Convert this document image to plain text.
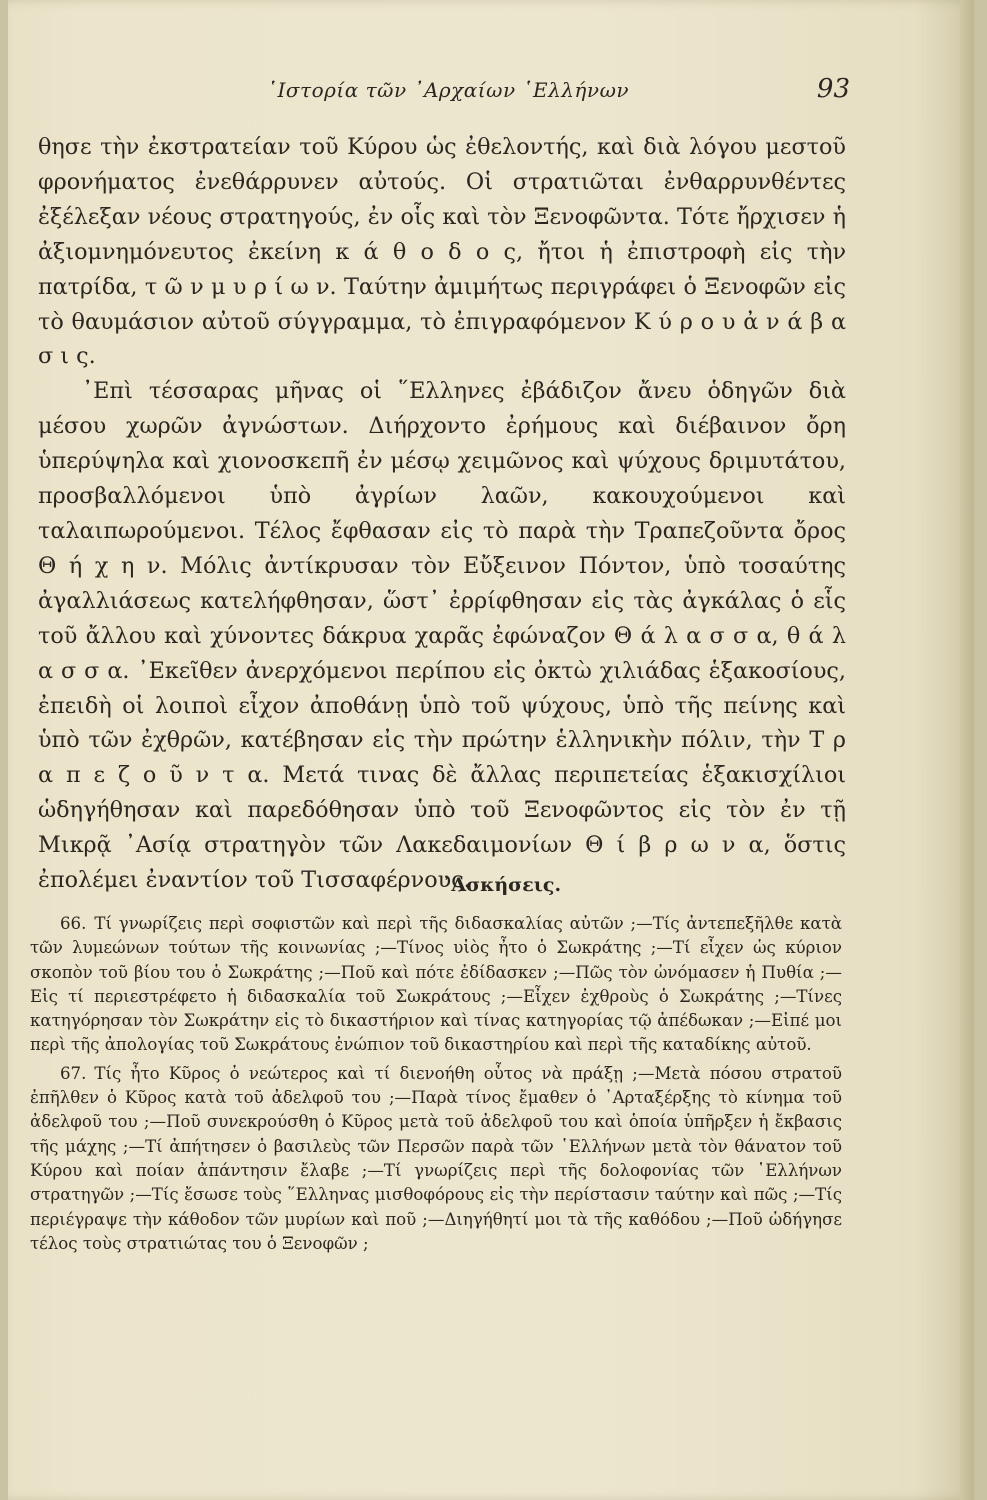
῾Ιστορία τῶν ᾿Αρχαίων ῾Ελλήνων	93

θησε τὴν ἐκστρατείαν τοῦ Κύρου ὡς ἐθελοντής, καὶ διὰ λόγου μεστοῦ φρονήματος ἐνεθάρρυνεν αὐτούς. Οἱ στρατιῶται ἐνθαρρυνθέντες ἐξέλεξαν νέους στρατηγούς, ἐν οἷς καὶ τὸν Ξενοφῶντα. Τότε ἤρχισεν ἡ ἀξιομνημόνευτος ἐκείνη κ ά θ ο δ ο ς, ἤτοι ἡ ἐπιστροφὴ εἰς τὴν πατρίδα, τ ῶ ν μ υ ρ ί ω ν. Ταύτην ἀμιμήτως περιγράφει ὁ Ξενοφῶν εἰς τὸ θαυμάσιον αὐτοῦ σύγγραμμα, τὸ ἐπιγραφόμενον Κ ύ ρ ο υ ἀ ν ά β α σ ι ς.

᾿Επὶ τέσσαρας μῆνας οἱ ῞Ελληνες ἐβάδιζον ἄνευ ὁδηγῶν διὰ μέσου χωρῶν ἀγνώστων. Διήρχοντο ἐρήμους καὶ διέβαινον ὄρη ὑπερύψηλα καὶ χιονοσκεπῆ ἐν μέσῳ χειμῶνος καὶ ψύχους δριμυτάτου, προσβαλλόμενοι ὑπὸ ἀγρίων λαῶν, κακουχούμενοι καὶ ταλαιπωρούμενοι. Τέλος ἔφθασαν εἰς τὸ παρὰ τὴν Τραπεζοῦντα ὄρος Θ ή χ η ν. Μόλις ἀντίκρυσαν τὸν Εὔξεινον Πόντον, ὑπὸ τοσαύτης ἀγαλλιάσεως κατελήφθησαν, ὥστ᾿ ἐρρίφθησαν εἰς τὰς ἀγκάλας ὁ εἷς τοῦ ἄλλου καὶ χύνοντες δάκρυα χαρᾶς ἐφώναζον Θ ά λ α σ σ α, θ ά λ α σ σ α. ᾿Εκεῖθεν ἀνερχόμενοι περίπου εἰς ὀκτὼ χιλιάδας ἑξακοσίους, ἐπειδὴ οἱ λοιποὶ εἶχον ἀποθάνῃ ὑπὸ τοῦ ψύχους, ὑπὸ τῆς πείνης καὶ ὑπὸ τῶν ἐχθρῶν, κατέβησαν εἰς τὴν πρώτην ἑλληνικὴν πόλιν, τὴν Τ ρ α π ε ζ ο ῦ ν τ α. Μετά τινας δὲ ἄλλας περιπετείας ἑξακισχίλιοι ὡδηγήθησαν καὶ παρεδόθησαν ὑπὸ τοῦ Ξενοφῶντος εἰς τὸν ἐν τῇ Μικρᾷ ᾿Ασίᾳ στρατηγὸν τῶν Λακεδαιμονίων Θ ί β ρ ω ν α, ὅστις ἐπολέμει ἐναντίον τοῦ Τισσαφέρνους.

᾿Ασκήσεις.

66. Τί γνωρίζεις περὶ σοφιστῶν καὶ περὶ τῆς διδασκαλίας αὐτῶν ;—Τίς ἀντεπεξῆλθε κατὰ τῶν λυμεώνων τούτων τῆς κοινωνίας ;—Τίνος υἱὸς ἦτο ὁ Σωκράτης ;—Τί εἶχεν ὡς κύριον σκοπὸν τοῦ βίου του ὁ Σωκράτης ;—Ποῦ καὶ πότε ἐδίδασκεν ;—Πῶς τὸν ὠνόμασεν ἡ Πυθία ;—Εἰς τί περιεστρέφετο ἡ διδασκαλία τοῦ Σωκράτους ;—Εἶχεν ἐχθροὺς ὁ Σωκράτης ;—Τίνες κατηγόρησαν τὸν Σωκράτην εἰς τὸ δικαστήριον καὶ τίνας κατηγορίας τῷ ἀπέδωκαν ;—Εἰπέ μοι περὶ τῆς ἀπολογίας τοῦ Σωκράτους ἐνώπιον τοῦ δικαστηρίου καὶ περὶ τῆς καταδίκης αὐτοῦ.

67. Τίς ἦτο Κῦρος ὁ νεώτερος καὶ τί διενοήθη οὗτος νὰ πράξῃ ;—Μετὰ πόσου στρατοῦ ἐπῆλθεν ὁ Κῦρος κατὰ τοῦ ἀδελφοῦ του ;—Παρὰ τίνος ἔμαθεν ὁ ᾿Αρταξέρξης τὸ κίνημα τοῦ ἀδελφοῦ του ;—Ποῦ συνεκρούσθη ὁ Κῦρος μετὰ τοῦ ἀδελφοῦ του καὶ ὁποία ὑπῆρξεν ἡ ἔκβασις τῆς μάχης ;—Τί ἀπήτησεν ὁ βασιλεὺς τῶν Περσῶν παρὰ τῶν ῾Ελλήνων μετὰ τὸν θάνατον τοῦ Κύρου καὶ ποίαν ἀπάντησιν ἔλαβε ;—Τί γνωρίζεις περὶ τῆς δολοφονίας τῶν ῾Ελλήνων στρατηγῶν ;—Τίς ἔσωσε τοὺς ῞Ελληνας μισθοφόρους εἰς τὴν περίστασιν ταύτην καὶ πῶς ;—Τίς περιέγραψε τὴν κάθοδον τῶν μυρίων καὶ ποῦ ;—Διηγήθητί μοι τὰ τῆς καθόδου ;—Ποῦ ὡδήγησε τέλος τοὺς στρατιώτας του ὁ Ξενοφῶν ;
